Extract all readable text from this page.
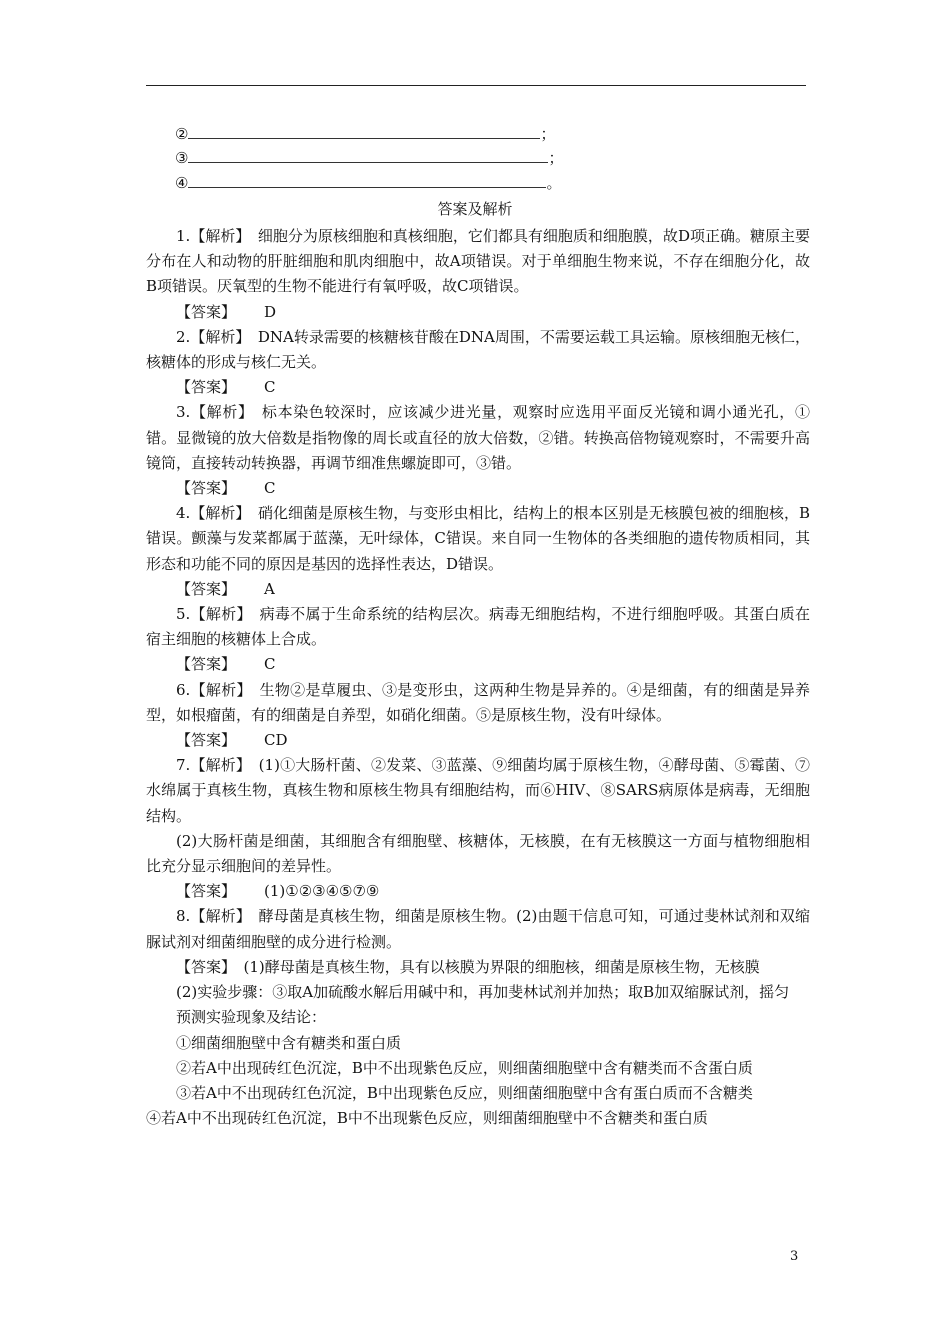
②	；
③	；
④	。
答案及解析

1.【解析】　细胞分为原核细胞和真核细胞，它们都具有细胞质和细胞膜，故D项正确。糖原主要分布在人和动物的肝脏细胞和肌肉细胞中，故A项错误。对于单细胞生物来说，不存在细胞分化，故B项错误。厌氧型的生物不能进行有氧呼吸，故C项错误。

【答案】 D

2.【解析】　DNA转录需要的核糖核苷酸在DNA周围，不需要运载工具运输。原核细胞无核仁，核糖体的形成与核仁无关。

【答案】 C

3.【解析】　标本染色较深时，应该减少进光量，观察时应选用平面反光镜和调小通光孔，①错。显微镜的放大倍数是指物像的周长或直径的放大倍数，②错。转换高倍物镜观察时，不需要升高镜筒，直接转动转换器，再调节细准焦螺旋即可，③错。

【答案】 C

4.【解析】　硝化细菌是原核生物，与变形虫相比，结构上的根本区别是无核膜包被的细胞核，B错误。颤藻与发菜都属于蓝藻，无叶绿体，C错误。来自同一生物体的各类细胞的遗传物质相同，其形态和功能不同的原因是基因的选择性表达，D错误。

【答案】 A

5.【解析】　病毒不属于生命系统的结构层次。病毒无细胞结构，不进行细胞呼吸。其蛋白质在宿主细胞的核糖体上合成。

【答案】 C

6.【解析】　生物②是草履虫、③是变形虫，这两种生物是异养的。④是细菌，有的细菌是异养型，如根瘤菌，有的细菌是自养型，如硝化细菌。⑤是原核生物，没有叶绿体。

【答案】 CD

7.【解析】　(1)①大肠杆菌、②发菜、③蓝藻、⑨细菌均属于原核生物，④酵母菌、⑤霉菌、⑦水绵属于真核生物，真核生物和原核生物具有细胞结构，而⑥HIV、⑧SARS病原体是病毒，无细胞结构。

(2)大肠杆菌是细菌，其细胞含有细胞壁、核糖体，无核膜，在有无核膜这一方面与植物细胞相比充分显示细胞间的差异性。

【答案】 (1)①②③④⑤⑦⑨

8.【解析】　酵母菌是真核生物，细菌是原核生物。(2)由题干信息可知，可通过斐林试剂和双缩脲试剂对细菌细胞壁的成分进行检测。

【答案】　(1)酵母菌是真核生物，具有以核膜为界限的细胞核，细菌是原核生物，无核膜

(2)实验步骤：③取A加硫酸水解后用碱中和，再加斐林试剂并加热；取B加双缩脲试剂，摇匀

预测实验现象及结论：

①细菌细胞壁中含有糖类和蛋白质

②若A中出现砖红色沉淀，B中不出现紫色反应，则细菌细胞壁中含有糖类而不含蛋白质

③若A中不出现砖红色沉淀，B中出现紫色反应，则细菌细胞壁中含有蛋白质而不含糖类

④若A中不出现砖红色沉淀，B中不出现紫色反应，则细菌细胞壁中不含糖类和蛋白质

3
